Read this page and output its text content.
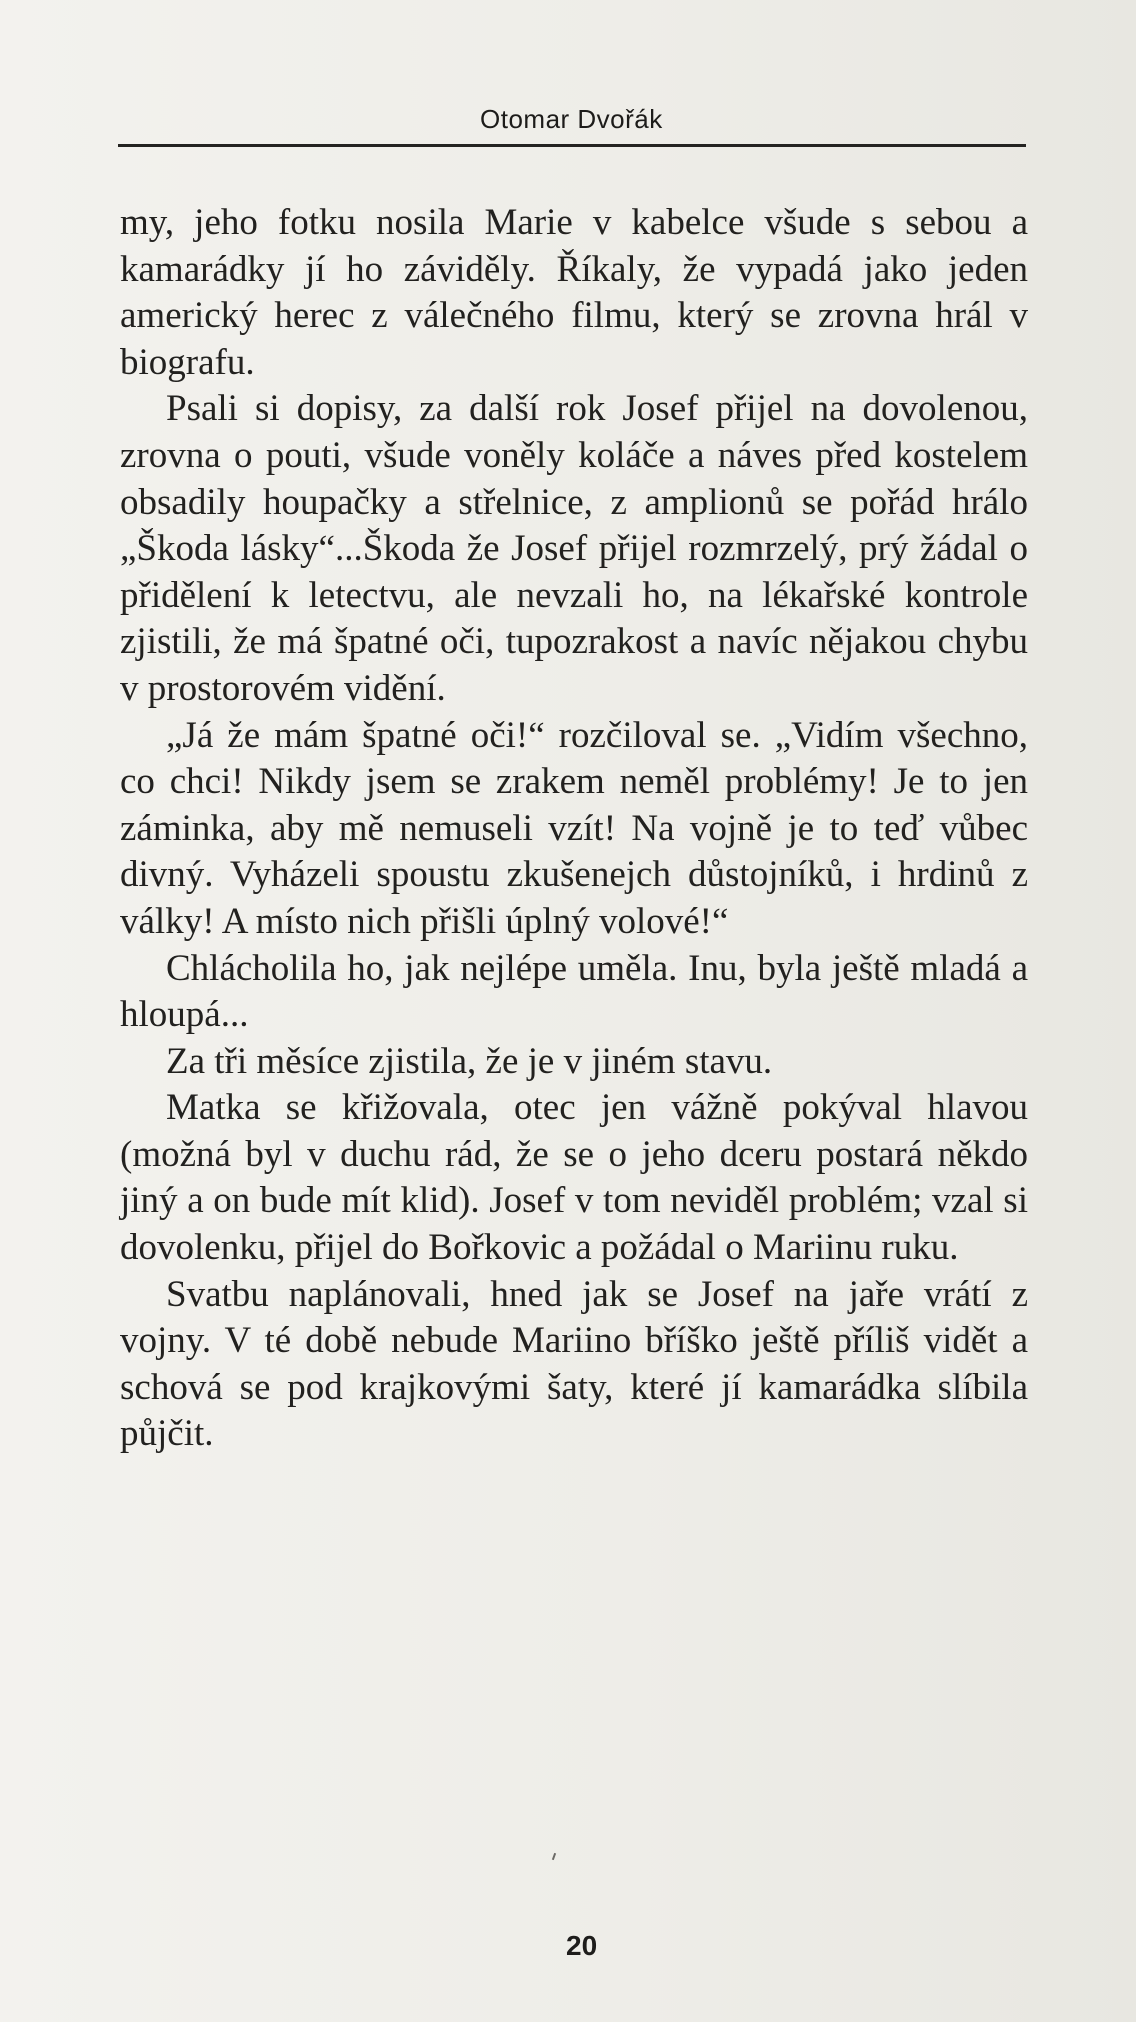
Otomar Dvořák

my, jeho fotku nosila Marie v kabelce všude s sebou a kamarádky jí ho záviděly. Říkaly, že vypadá jako jeden americký herec z válečného filmu, který se zrovna hrál v biografu.

Psali si dopisy, za další rok Josef přijel na dovolenou, zrovna o pouti, všude voněly koláče a náves před kostelem obsadily houpačky a střelnice, z amplionů se pořád hrálo „Škoda lásky“...Škoda že Josef přijel rozmrzelý, prý žádal o přidělení k letectvu, ale nevzali ho, na lékařské kontrole zjistili, že má špatné oči, tupozrakost a navíc nějakou chybu v prostorovém vidění.

„Já že mám špatné oči!“ rozčiloval se. „Vidím všechno, co chci! Nikdy jsem se zrakem neměl problémy! Je to jen záminka, aby mě nemuseli vzít! Na vojně je to teď vůbec divný. Vyházeli spoustu zkušenejch důstojníků, i hrdinů z války! A místo nich přišli úplný volové!“

Chlácholila ho, jak nejlépe uměla. Inu, byla ještě mladá a hloupá...

Za tři měsíce zjistila, že je v jiném stavu.

Matka se křižovala, otec jen vážně pokýval hlavou (možná byl v duchu rád, že se o jeho dceru postará někdo jiný a on bude mít klid). Josef v tom neviděl problém; vzal si dovolenku, přijel do Bořkovic a požádal o Mariinu ruku.

Svatbu naplánovali, hned jak se Josef na jaře vrátí z vojny. V té době nebude Mariino bříško ještě příliš vidět a schová se pod krajkovými šaty, které jí kamarádka slíbila půjčit.

20
